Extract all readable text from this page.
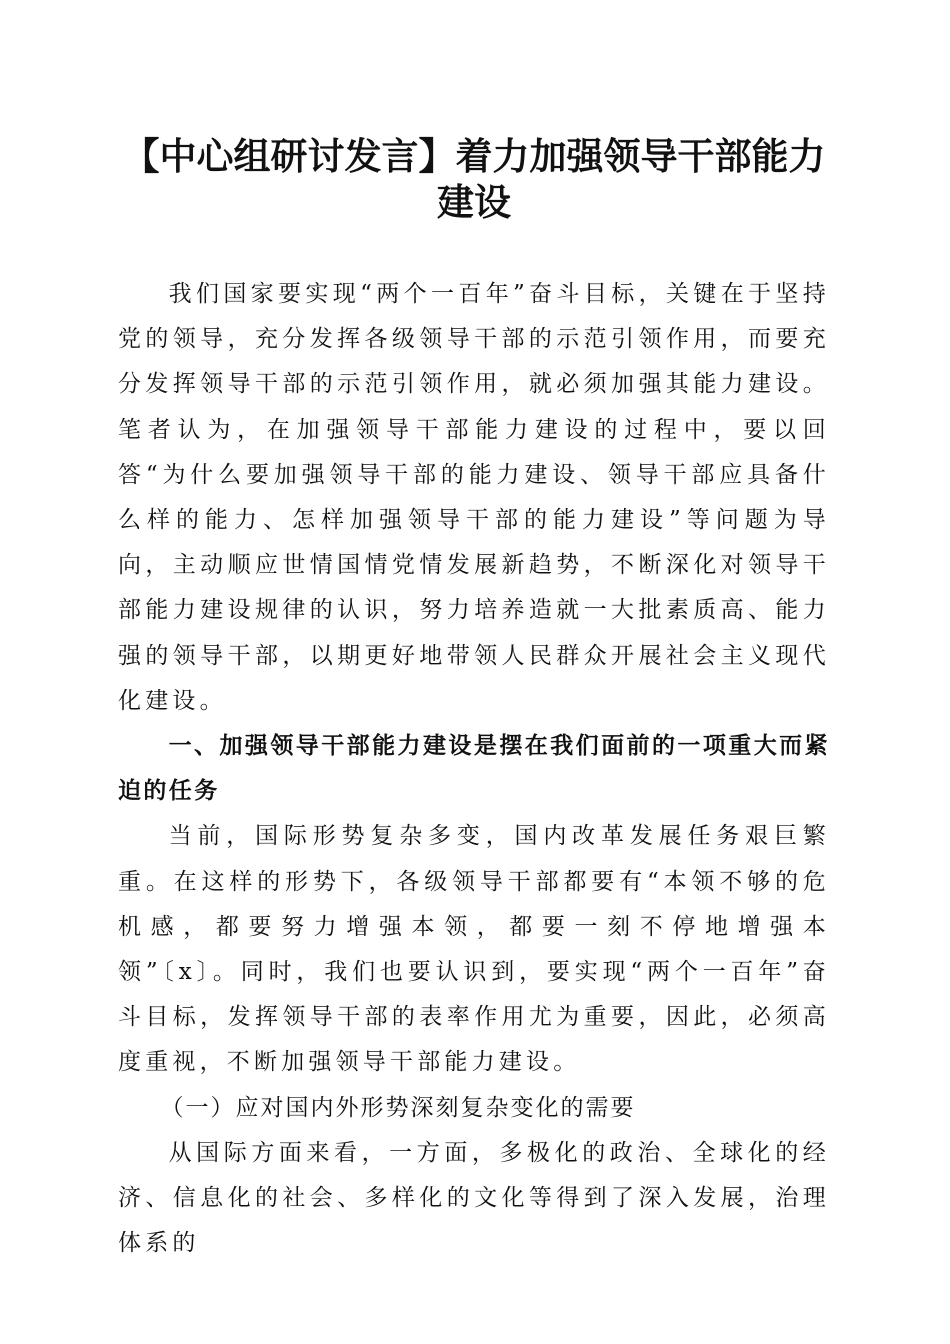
【中心组研讨发言】着力加强领导干部能力建设

我们国家要实现“两个一百年”奋斗目标，关键在于坚持党的领导，充分发挥各级领导干部的示范引领作用，而要充分发挥领导干部的示范引领作用，就必须加强其能力建设。笔者认为，在加强领导干部能力建设的过程中，要以回答“为什么要加强领导干部的能力建设、领导干部应具备什么样的能力、怎样加强领导干部的能力建设”等问题为导向，主动顺应世情国情党情发展新趋势，不断深化对领导干部能力建设规律的认识，努力培养造就一大批素质高、能力强的领导干部，以期更好地带领人民群众开展社会主义现代化建设。

一、加强领导干部能力建设是摆在我们面前的一项重大而紧迫的任务

当前，国际形势复杂多变，国内改革发展任务艰巨繁重。在这样的形势下，各级领导干部都要有“本领不够的危机感，都要努力增强本领，都要一刻不停地增强本领”〔x〕。同时，我们也要认识到，要实现“两个一百年”奋斗目标，发挥领导干部的表率作用尤为重要，因此，必须高度重视，不断加强领导干部能力建设。

（一）应对国内外形势深刻复杂变化的需要

从国际方面来看，一方面，多极化的政治、全球化的经济、信息化的社会、多样化的文化等得到了深入发展，治理体系的
